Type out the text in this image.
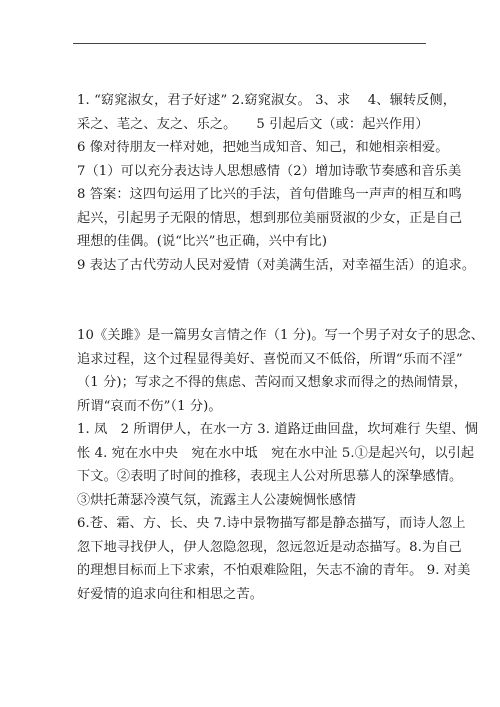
1. “窈窕淑女，君子好逑” 2.窈窕淑女。 3、求　 4、辗转反侧，
采之、芼之、友之、乐之。　　5 引起后文（或：起兴作用）
6 像对待朋友一样对她，把她当成知音、知己，和她相亲相爱。
7（1）可以充分表达诗人思想感情（2）增加诗歌节奏感和音乐美
8 答案：这四句运用了比兴的手法，首句借雎鸟一声声的相互和鸣
起兴，引起男子无限的情思，想到那位美丽贤淑的少女，正是自己
理想的佳偶。(说“比兴”也正确，兴中有比)
9 表达了古代劳动人民对爱情（对美满生活，对幸福生活）的追求。
10《关雎》是一篇男女言情之作（1 分)。写一个男子对女子的思念、
追求过程，这个过程显得美好、喜悦而又不低俗，所谓“乐而不淫”
（1 分)；写求之不得的焦虑、苦闷而又想象求而得之的热闹情景，
所谓“哀而不伤”（1 分)。
1. 凤　2 所谓伊人，在水一方 3. 道路迂曲回盘，坎坷难行 失望、惆
怅 4. 宛在水中央　宛在水中坻　宛在水中沚 5.①是起兴句，以引起
下文。②表明了时间的推移，表现主人公对所思慕人的深挚感情。
③烘托萧瑟冷漠气氛，流露主人公凄婉惆怅感情
6.苍、霜、方、长、央 7.诗中景物描写都是静态描写，而诗人忽上
忽下地寻找伊人，伊人忽隐忽现，忽远忽近是动态描写。8.为自己
的理想目标而上下求索，不怕艰难险阻，矢志不渝的青年。 9. 对美
好爱情的追求向往和相思之苦。
